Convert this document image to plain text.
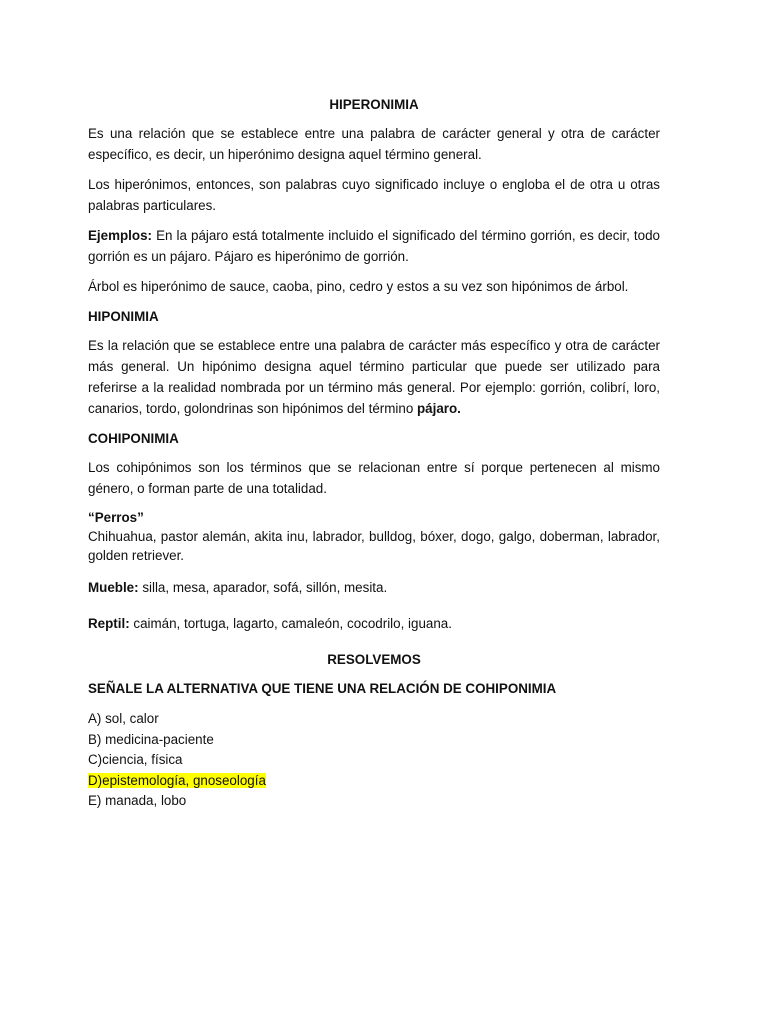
HIPERONIMIA

Es una relación que se establece entre una palabra de carácter general y otra de carácter específico, es decir, un hiperónimo designa aquel término general.

Los hiperónimos, entonces, son palabras cuyo significado incluye o engloba el de otra u otras palabras particulares.

Ejemplos: En la pájaro está totalmente incluido el significado del término gorrión, es decir, todo gorrión es un pájaro. Pájaro es hiperónimo de gorrión.

Árbol es hiperónimo de sauce, caoba, pino, cedro y estos a su vez son hipónimos de árbol.

HIPONIMIA

Es la relación que se establece entre una palabra de carácter más específico y otra de carácter más general. Un hipónimo designa aquel término particular que puede ser utilizado para referirse a la realidad nombrada por un término más general. Por ejemplo: gorrión, colibrí, loro, canarios, tordo, golondrinas son hipónimos del término pájaro.

COHIPONIMIA

Los cohipónimos son los términos que se relacionan entre sí porque pertenecen al mismo género, o forman parte de una totalidad.

“Perros”
Chihuahua, pastor alemán, akita inu, labrador, bulldog, bóxer, dogo, galgo, doberman, labrador, golden retriever.

Mueble: silla, mesa, aparador, sofá, sillón, mesita.

Reptil: caimán, tortuga, lagarto, camaleón, cocodrilo, iguana.

RESOLVEMOS

SEÑALE LA ALTERNATIVA QUE TIENE UNA RELACIÓN DE COHIPONIMIA

A) sol, calor
B) medicina-paciente
C)ciencia, física
D)epistemología, gnoseología
E) manada, lobo
